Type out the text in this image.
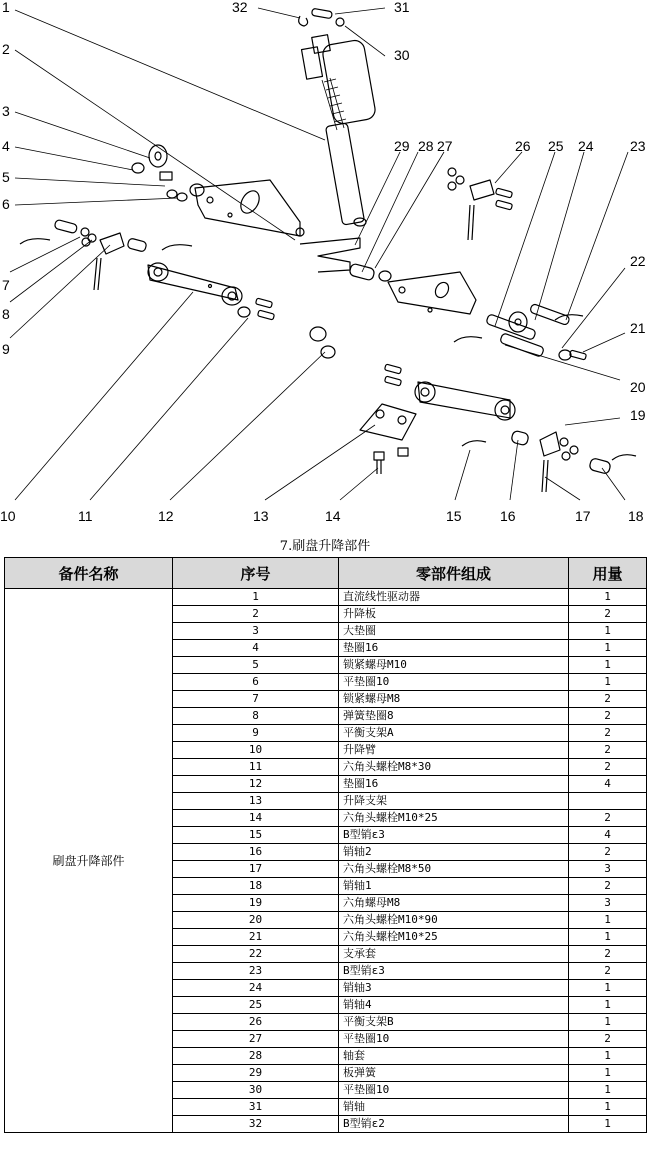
1
2
3
4
5
6
7
8
9
10	11	12	13	14	15	16	17	18
19
20
21
22
23
24
25
26
27
28
29
30
31
32
7.刷盘升降部件
备件名称	序号	零部件组成	用量
刷盘升降部件	1	直流线性驱动器	1
	2	升降板	2
	3	大垫圈	1
	4	垫圈16	1
	5	锁紧螺母M10	1
	6	平垫圈10	1
	7	锁紧螺母M8	2
	8	弹簧垫圈8	2
	9	平衡支架A	2
	10	升降臂	2
	11	六角头螺栓M8*30	2
	12	垫圈16	4
	13	升降支架	
	14	六角头螺栓M10*25	2
	15	B型销ɛ3	4
	16	销轴2	2
	17	六角头螺栓M8*50	3
	18	销轴1	2
	19	六角螺母M8	3
	20	六角头螺栓M10*90	1
	21	六角头螺栓M10*25	1
	22	支承套	2
	23	B型销ɛ3	2
	24	销轴3	1
	25	销轴4	1
	26	平衡支架B	1
	27	平垫圈10	2
	28	轴套	1
	29	板弹簧	1
	30	平垫圈10	1
	31	销轴	1
	32	B型销ɛ2	1
